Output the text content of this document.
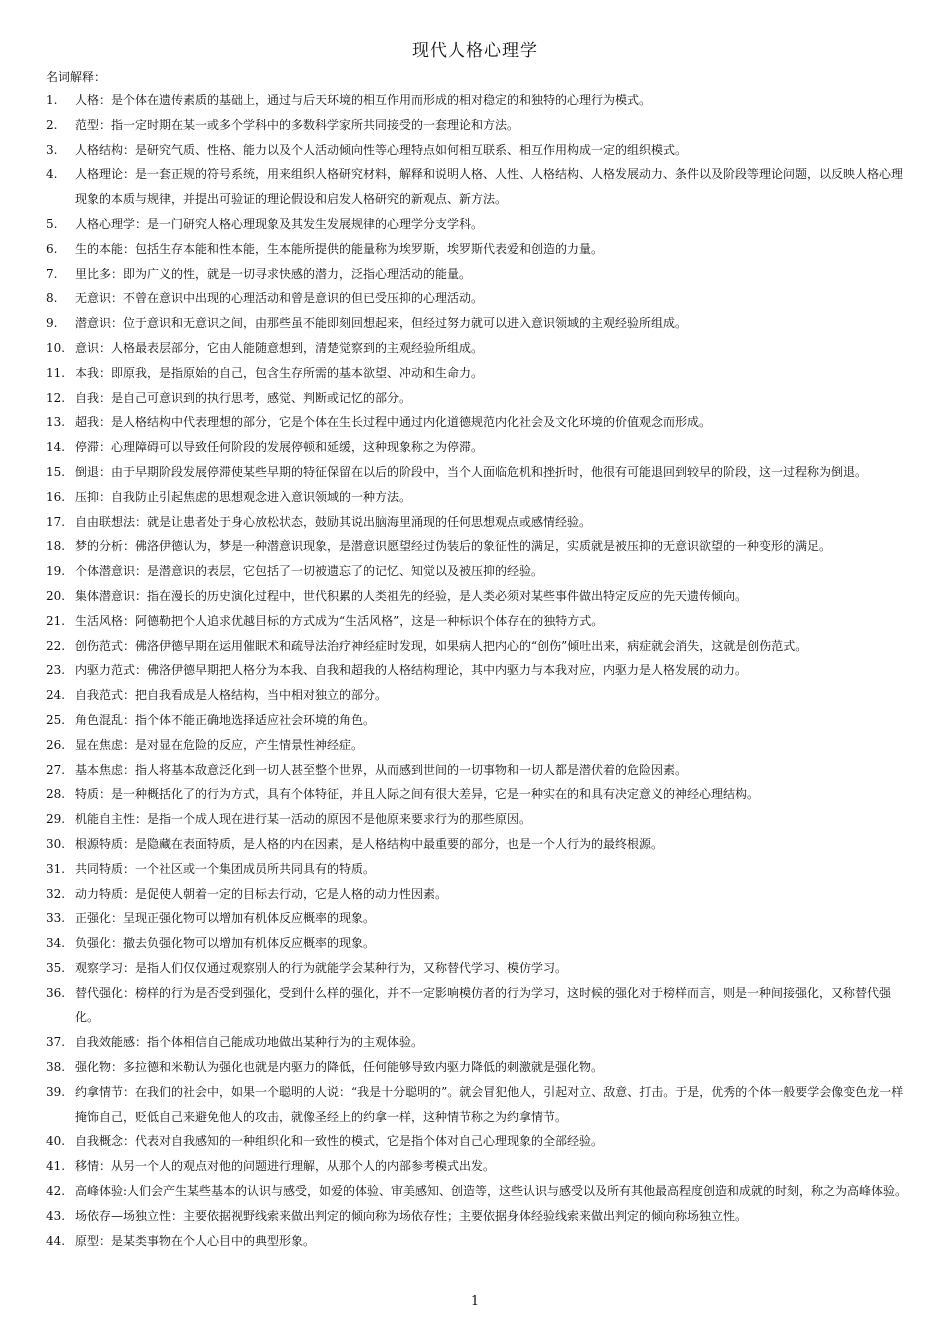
现代人格心理学
名词解释：
1. 人格：是个体在遗传素质的基础上，通过与后天环境的相互作用而形成的相对稳定的和独特的心理行为模式。
2. 范型：指一定时期在某一或多个学科中的多数科学家所共同接受的一套理论和方法。
3. 人格结构：是研究气质、性格、能力以及个人活动倾向性等心理特点如何相互联系、相互作用构成一定的组织模式。
4. 人格理论：是一套正规的符号系统，用来组织人格研究材料，解释和说明人格、人性、人格结构、人格发展动力、条件以及阶段等理论问题，以反映人格心理现象的本质与规律，并提出可验证的理论假设和启发人格研究的新观点、新方法。
5. 人格心理学：是一门研究人格心理现象及其发生发展规律的心理学分支学科。
6. 生的本能：包括生存本能和性本能，生本能所提供的能量称为埃罗斯，埃罗斯代表爱和创造的力量。
7. 里比多：即为广义的性，就是一切寻求快感的潜力，泛指心理活动的能量。
8. 无意识：不曾在意识中出现的心理活动和曾是意识的但已受压抑的心理活动。
9. 潜意识：位于意识和无意识之间，由那些虽不能即刻回想起来，但经过努力就可以进入意识领域的主观经验所组成。
10. 意识：人格最表层部分，它由人能随意想到，清楚觉察到的主观经验所组成。
11. 本我：即原我，是指原始的自己，包含生存所需的基本欲望、冲动和生命力。
12. 自我：是自己可意识到的执行思考，感觉、判断或记忆的部分。
13. 超我：是人格结构中代表理想的部分，它是个体在生长过程中通过内化道德规范内化社会及文化环境的价值观念而形成。
14. 停滞：心理障碍可以导致任何阶段的发展停顿和延缓，这种现象称之为停滞。
15. 倒退：由于早期阶段发展停滞使某些早期的特征保留在以后的阶段中，当个人面临危机和挫折时，他很有可能退回到较早的阶段，这一过程称为倒退。
16. 压抑：自我防止引起焦虑的思想观念进入意识领域的一种方法。
17. 自由联想法：就是让患者处于身心放松状态，鼓励其说出脑海里涌现的任何思想观点或感情经验。
18. 梦的分析：佛洛伊德认为，梦是一种潜意识现象，是潜意识愿望经过伪装后的象征性的满足，实质就是被压抑的无意识欲望的一种变形的满足。
19. 个体潜意识：是潜意识的表层，它包括了一切被遗忘了的记忆、知觉以及被压抑的经验。
20. 集体潜意识：指在漫长的历史演化过程中，世代积累的人类祖先的经验，是人类必须对某些事件做出特定反应的先天遗传倾向。
21. 生活风格：阿德勒把个人追求优越目标的方式成为“生活风格”，这是一种标识个体存在的独特方式。
22. 创伤范式：佛洛伊德早期在运用催眠术和疏导法治疗神经症时发现，如果病人把内心的“创伤”倾吐出来，病症就会消失，这就是创伤范式。
23. 内驱力范式：佛洛伊德早期把人格分为本我、自我和超我的人格结构理论，其中内驱力与本我对应，内驱力是人格发展的动力。
24. 自我范式：把自我看成是人格结构，当中相对独立的部分。
25. 角色混乱：指个体不能正确地选择适应社会环境的角色。
26. 显在焦虑：是对显在危险的反应，产生情景性神经症。
27. 基本焦虑：指人将基本敌意泛化到一切人甚至整个世界，从而感到世间的一切事物和一切人都是潜伏着的危险因素。
28. 特质：是一种概括化了的行为方式，具有个体特征，并且人际之间有很大差异，它是一种实在的和具有决定意义的神经心理结构。
29. 机能自主性：是指一个成人现在进行某一活动的原因不是他原来要求行为的那些原因。
30. 根源特质：是隐藏在表面特质，是人格的内在因素，是人格结构中最重要的部分，也是一个人行为的最终根源。
31. 共同特质：一个社区或一个集团成员所共同具有的特质。
32. 动力特质：是促使人朝着一定的目标去行动，它是人格的动力性因素。
33. 正强化：呈现正强化物可以增加有机体反应概率的现象。
34. 负强化：撤去负强化物可以增加有机体反应概率的现象。
35. 观察学习：是指人们仅仅通过观察别人的行为就能学会某种行为，又称替代学习、模仿学习。
36. 替代强化：榜样的行为是否受到强化，受到什么样的强化，并不一定影响模仿者的行为学习，这时候的强化对于榜样而言，则是一种间接强化，又称替代强化。
37. 自我效能感：指个体相信自己能成功地做出某种行为的主观体验。
38. 强化物：多拉德和米勒认为强化也就是内驱力的降低，任何能够导致内驱力降低的刺激就是强化物。
39. 约拿情节：在我们的社会中，如果一个聪明的人说：“我是十分聪明的”。就会冒犯他人，引起对立、敌意、打击。于是，优秀的个体一般要学会像变色龙一样掩饰自己，贬低自己来避免他人的攻击，就像圣经上的约拿一样，这种情节称之为约拿情节。
40. 自我概念：代表对自我感知的一种组织化和一致性的模式，它是指个体对自己心理现象的全部经验。
41. 移情：从另一个人的观点对他的问题进行理解，从那个人的内部参考模式出发。
42. 高峰体验:人们会产生某些基本的认识与感受，如爱的体验、审美感知、创造等，这些认识与感受以及所有其他最高程度创造和成就的时刻，称之为高峰体验。
43. 场依存—场独立性：主要依据视野线索来做出判定的倾向称为场依存性；主要依据身体经验线索来做出判定的倾向称场独立性。
44. 原型：是某类事物在个人心目中的典型形象。
1
